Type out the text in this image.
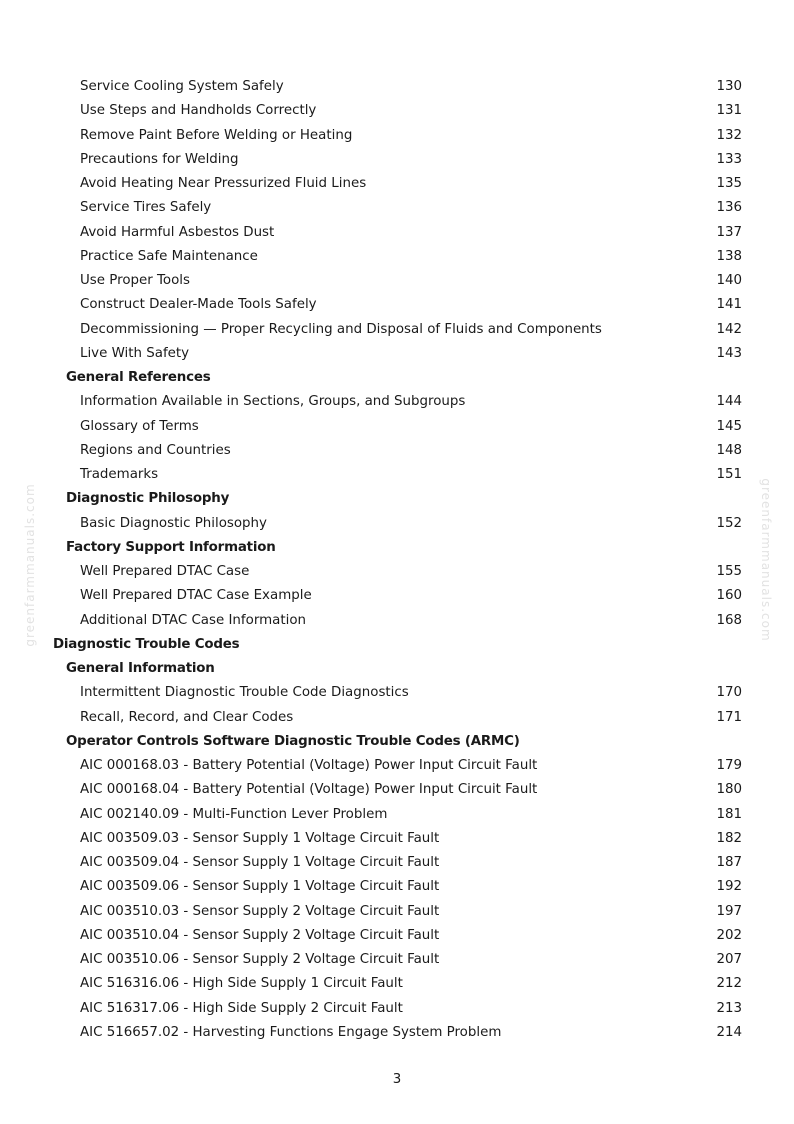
greenfarmmanuals.com	greenfarmmanuals.com
Service Cooling System Safely	130
Use Steps and Handholds Correctly	131
Remove Paint Before Welding or Heating	132
Precautions for Welding	133
Avoid Heating Near Pressurized Fluid Lines	135
Service Tires Safely	136
Avoid Harmful Asbestos Dust	137
Practice Safe Maintenance	138
Use Proper Tools	140
Construct Dealer-Made Tools Safely	141
Decommissioning — Proper Recycling and Disposal of Fluids and Components	142
Live With Safety	143
General References
Information Available in Sections, Groups, and Subgroups	144
Glossary of Terms	145
Regions and Countries	148
Trademarks	151
Diagnostic Philosophy
Basic Diagnostic Philosophy	152
Factory Support Information
Well Prepared DTAC Case	155
Well Prepared DTAC Case Example	160
Additional DTAC Case Information	168
Diagnostic Trouble Codes
General Information
Intermittent Diagnostic Trouble Code Diagnostics	170
Recall, Record, and Clear Codes	171
Operator Controls Software Diagnostic Trouble Codes (ARMC)
AIC 000168.03 - Battery Potential (Voltage) Power Input Circuit Fault	179
AIC 000168.04 - Battery Potential (Voltage) Power Input Circuit Fault	180
AIC 002140.09 - Multi-Function Lever Problem	181
AIC 003509.03 - Sensor Supply 1 Voltage Circuit Fault	182
AIC 003509.04 - Sensor Supply 1 Voltage Circuit Fault	187
AIC 003509.06 - Sensor Supply 1 Voltage Circuit Fault	192
AIC 003510.03 - Sensor Supply 2 Voltage Circuit Fault	197
AIC 003510.04 - Sensor Supply 2 Voltage Circuit Fault	202
AIC 003510.06 - Sensor Supply 2 Voltage Circuit Fault	207
AIC 516316.06 - High Side Supply 1 Circuit Fault	212
AIC 516317.06 - High Side Supply 2 Circuit Fault	213
AIC 516657.02 - Harvesting Functions Engage System Problem	214
3
